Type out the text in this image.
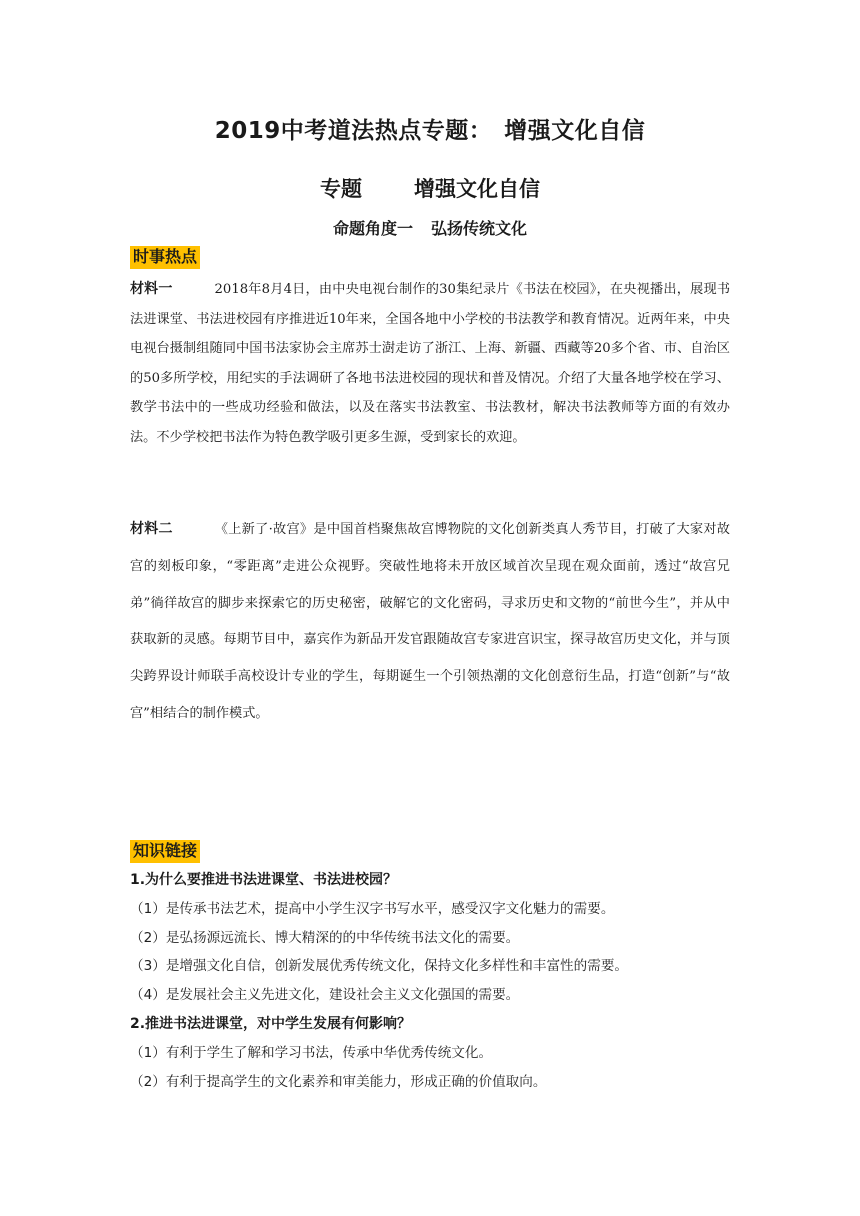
2019中考道法热点专题：　增强文化自信
专题 增强文化自信
命题角度一 弘扬传统文化
时事热点

材料一	2018年8月4日，由中央电视台制作的30集纪录片《书法在校园》，在央视播出，展现书法进课堂、书法进校园有序推进近10年来，全国各地中小学校的书法教学和教育情况。近两年来，中央电视台摄制组随同中国书法家协会主席苏士澍走访了浙江、上海、新疆、西藏等20多个省、市、自治区的50多所学校，用纪实的手法调研了各地书法进校园的现状和普及情况。介绍了大量各地学校在学习、教学书法中的一些成功经验和做法，以及在落实书法教室、书法教材，解决书法教师等方面的有效办法。不少学校把书法作为特色教学吸引更多生源，受到家长的欢迎。

材料二	《上新了·故宫》是中国首档聚焦故宫博物院的文化创新类真人秀节目，打破了大家对故宫的刻板印象，“零距离”走进公众视野。突破性地将未开放区域首次呈现在观众面前，透过“故宫兄弟”徜徉故宫的脚步来探索它的历史秘密，破解它的文化密码，寻求历史和文物的“前世今生”，并从中获取新的灵感。每期节目中，嘉宾作为新品开发官跟随故宫专家进宫识宝，探寻故宫历史文化，并与顶尖跨界设计师联手高校设计专业的学生，每期诞生一个引领热潮的文化创意衍生品，打造“创新”与“故宫”相结合的制作模式。

知识链接
1.为什么要推进书法进课堂、书法进校园？
（1）是传承书法艺术，提高中小学生汉字书写水平，感受汉字文化魅力的需要。
（2）是弘扬源远流长、博大精深的的中华传统书法文化的需要。
（3）是增强文化自信，创新发展优秀传统文化，保持文化多样性和丰富性的需要。
（4）是发展社会主义先进文化，建设社会主义文化强国的需要。
2.推进书法进课堂，对中学生发展有何影响？
（1）有利于学生了解和学习书法，传承中华优秀传统文化。
（2）有利于提高学生的文化素养和审美能力，形成正确的价值取向。
